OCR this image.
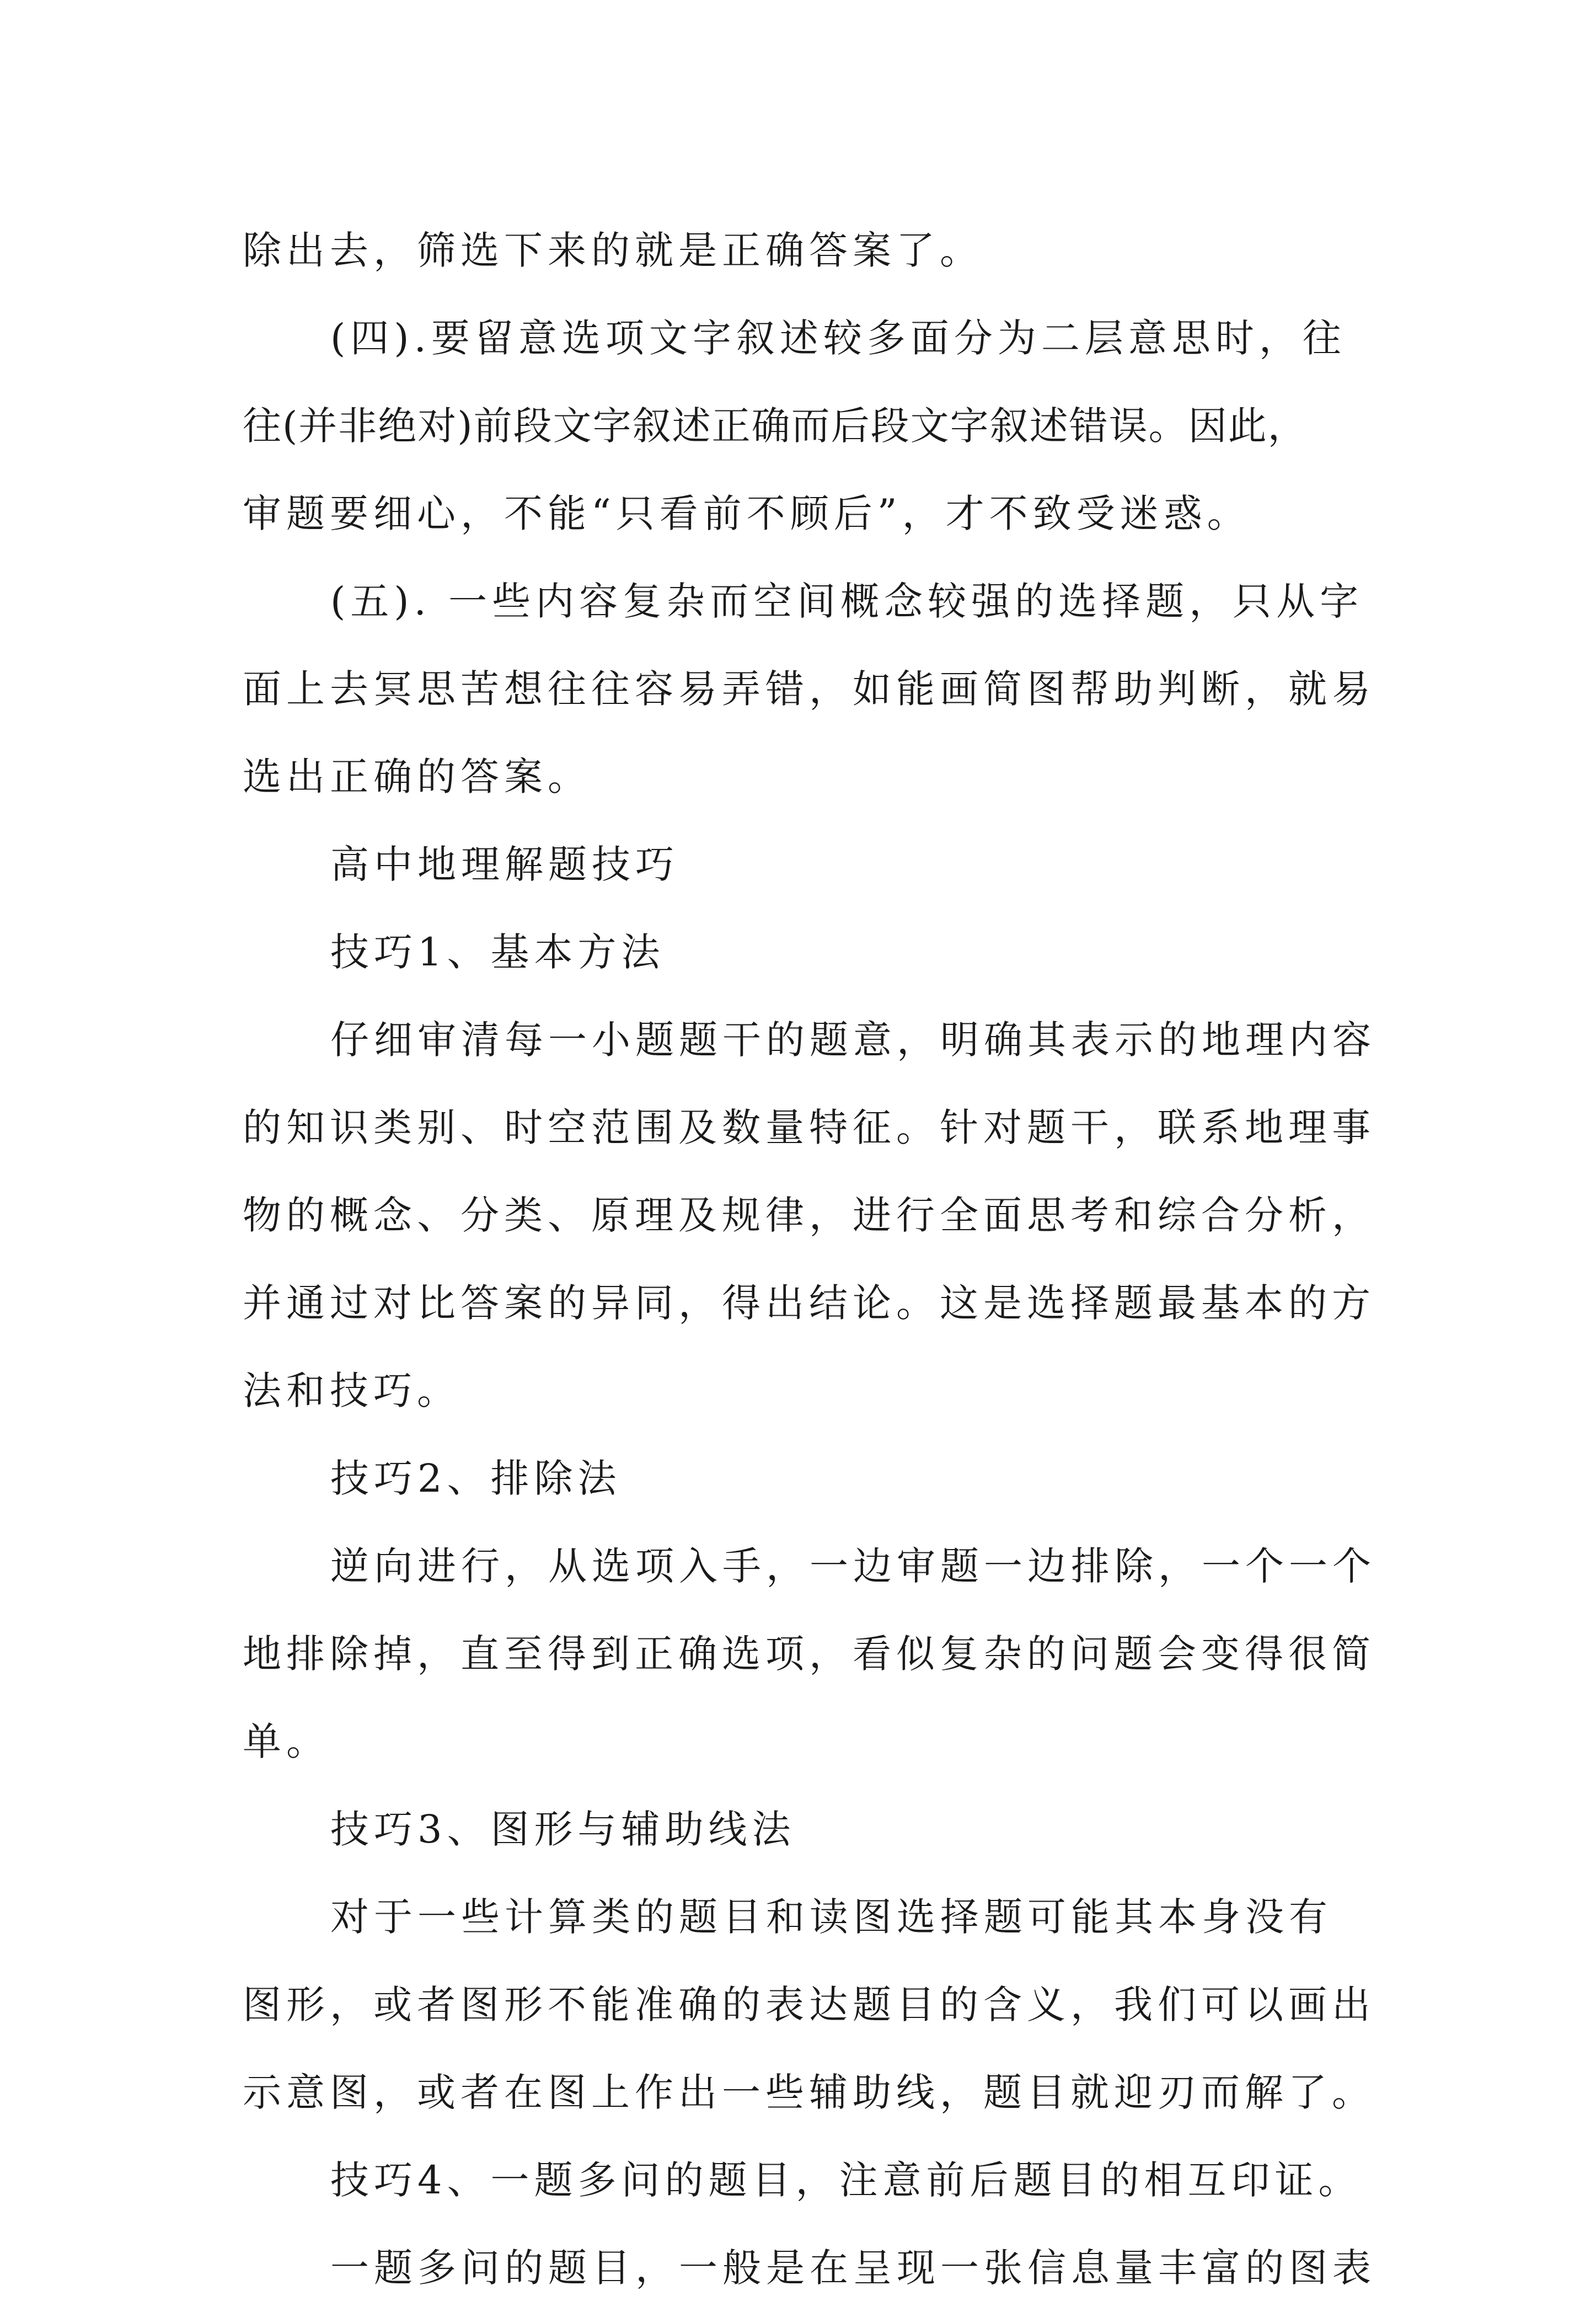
除出去，筛选下来的就是正确答案了。
(四).要留意选项文字叙述较多面分为二层意思时，往
往(并非绝对)前段文字叙述正确而后段文字叙述错误。因此，
审题要细心，不能“只看前不顾后”，才不致受迷惑。
(五). 一些内容复杂而空间概念较强的选择题，只从字
面上去冥思苦想往往容易弄错，如能画简图帮助判断，就易
选出正确的答案。
高中地理解题技巧
技巧1、基本方法
仔细审清每一小题题干的题意，明确其表示的地理内容
的知识类别、时空范围及数量特征。针对题干，联系地理事
物的概念、分类、原理及规律，进行全面思考和综合分析，
并通过对比答案的异同，得出结论。这是选择题最基本的方
法和技巧。
技巧2、排除法
逆向进行，从选项入手，一边审题一边排除，一个一个
地排除掉，直至得到正确选项，看似复杂的问题会变得很简
单。
技巧3、图形与辅助线法
对于一些计算类的题目和读图选择题可能其本身没有
图形，或者图形不能准确的表达题目的含义，我们可以画出
示意图，或者在图上作出一些辅助线，题目就迎刃而解了。
技巧4、一题多问的题目，注意前后题目的相互印证。
一题多问的题目，一般是在呈现一张信息量丰富的图表
